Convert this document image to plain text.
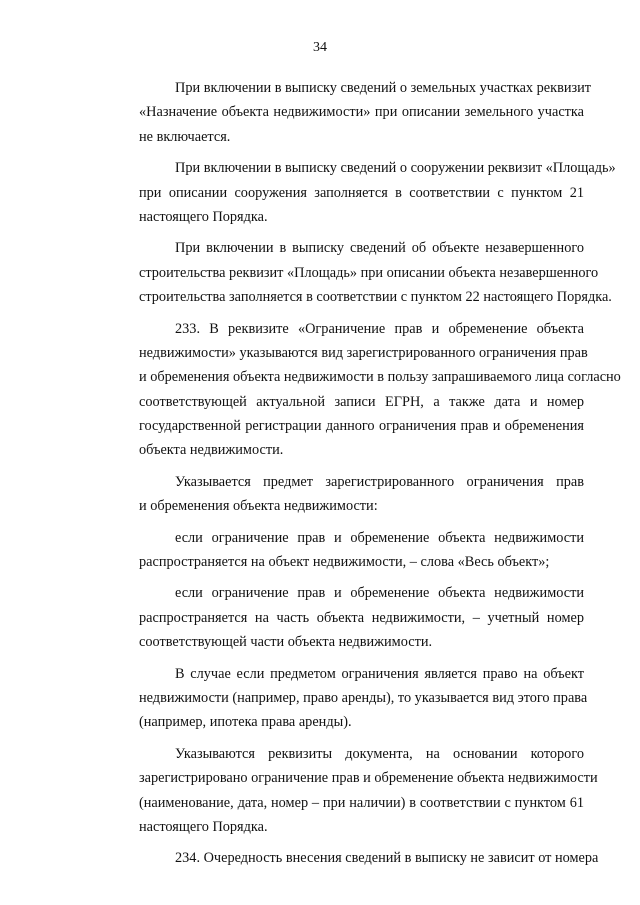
34
При включении в выписку сведений о земельных участках реквизит
«Назначение объекта недвижимости» при описании земельного участка
не включается.
При включении в выписку сведений о сооружении реквизит «Площадь»
при описании сооружения заполняется в соответствии с пунктом 21
настоящего Порядка.
При включении в выписку сведений об объекте незавершенного
строительства реквизит «Площадь» при описании объекта незавершенного
строительства заполняется в соответствии с пунктом 22 настоящего Порядка.
233. В реквизите «Ограничение прав и обременение объекта
недвижимости» указываются вид зарегистрированного ограничения прав
и обременения объекта недвижимости в пользу запрашиваемого лица согласно
соответствующей актуальной записи ЕГРН, а также дата и номер
государственной регистрации данного ограничения прав и обременения
объекта недвижимости.
Указывается предмет зарегистрированного ограничения прав
и обременения объекта недвижимости:
если ограничение прав и обременение объекта недвижимости
распространяется на объект недвижимости, – слова «Весь объект»;
если ограничение прав и обременение объекта недвижимости
распространяется на часть объекта недвижимости, – учетный номер
соответствующей части объекта недвижимости.
В случае если предметом ограничения является право на объект
недвижимости (например, право аренды), то указывается вид этого права
(например, ипотека права аренды).
Указываются реквизиты документа, на основании которого
зарегистрировано ограничение прав и обременение объекта недвижимости
(наименование, дата, номер – при наличии) в соответствии с пунктом 61
настоящего Порядка.
234. Очередность внесения сведений в выписку не зависит от номера
